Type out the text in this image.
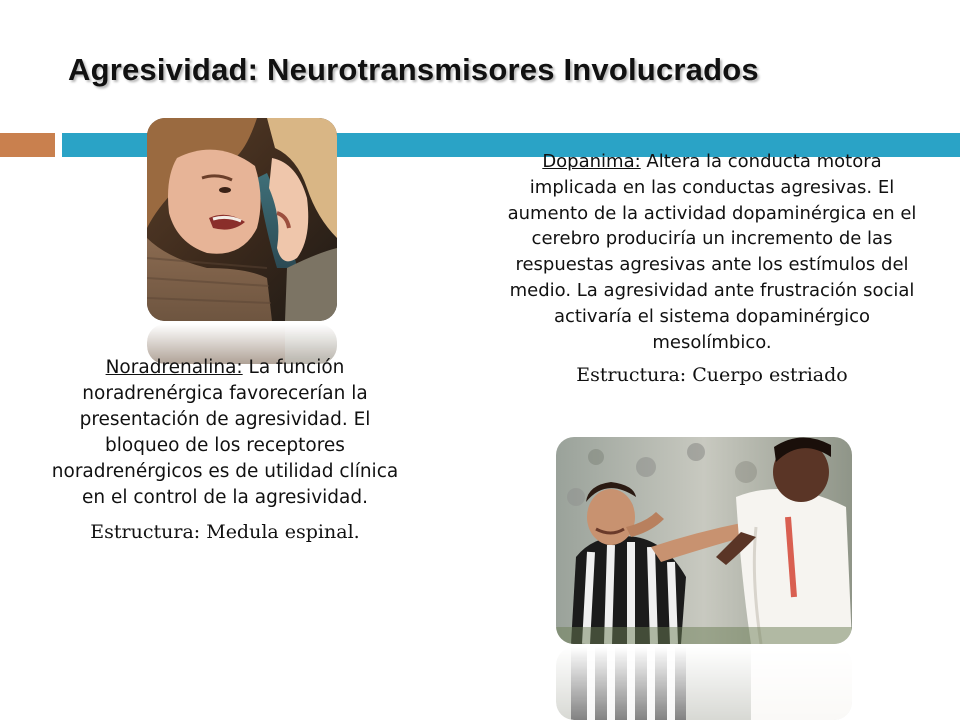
Agresividad: Neurotransmisores Involucrados
Noradrenalina: La función noradrenérgica favorecerían la presentación de agresividad. El bloqueo de los receptores noradrenérgicos es de utilidad clínica en el control de la agresividad.
Estructura: Medula espinal.
Dopanima: Altera la conducta motora implicada en las conductas agresivas. El aumento de la actividad dopaminérgica en el cerebro produciría un incremento de las respuestas agresivas ante los estímulos del medio. La agresividad ante frustración social activaría el sistema dopaminérgico mesolímbico.
Estructura: Cuerpo estriado
